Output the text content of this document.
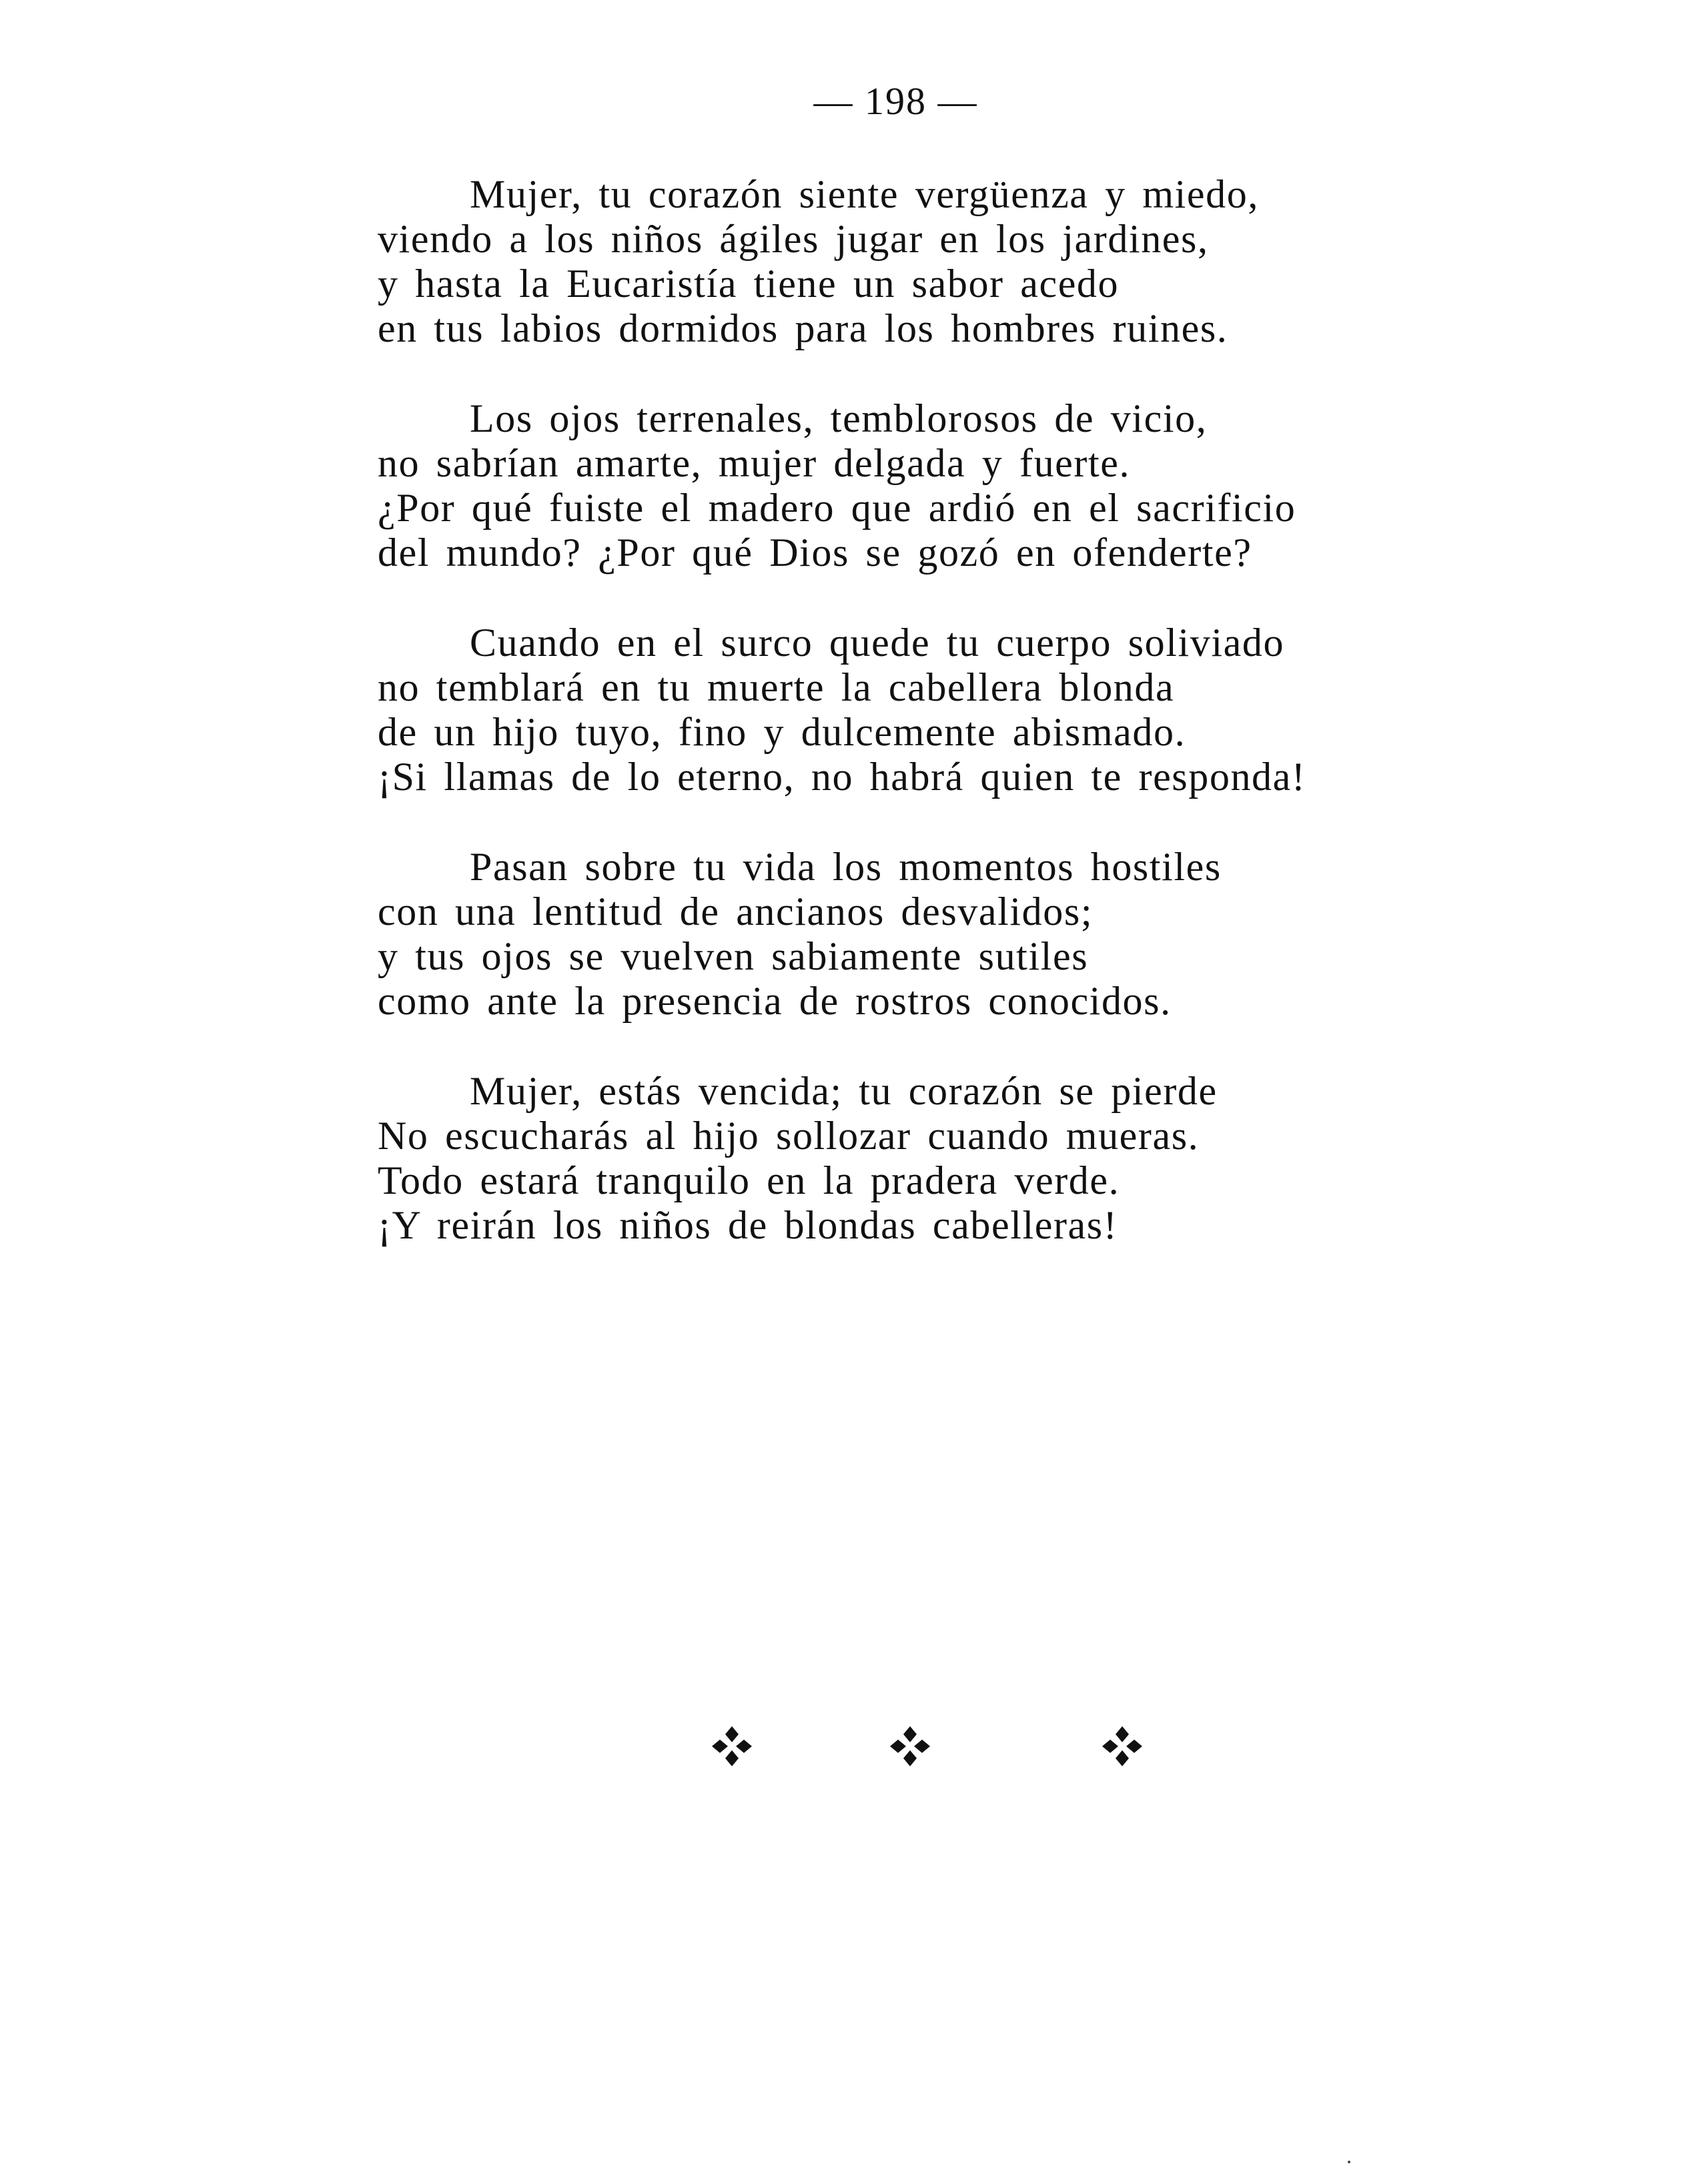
— 198 —
Mujer, tu corazón siente vergüenza y miedo,
viendo a los niños ágiles jugar en los jardines,
y hasta la Eucaristía tiene un sabor acedo
en tus labios dormidos para los hombres ruines.
Los ojos terrenales, temblorosos de vicio,
no sabrían amarte, mujer delgada y fuerte.
¿Por qué fuiste el madero que ardió en el sacrificio
del mundo? ¿Por qué Dios se gozó en ofenderte?
Cuando en el surco quede tu cuerpo soliviado
no temblará en tu muerte la cabellera blonda
de un hijo tuyo, fino y dulcemente abismado.
¡Si llamas de lo eterno, no habrá quien te responda!
Pasan sobre tu vida los momentos hostiles
con una lentitud de ancianos desvalidos;
y tus ojos se vuelven sabiamente sutiles
como ante la presencia de rostros conocidos.
Mujer, estás vencida; tu corazón se pierde
No escucharás al hijo sollozar cuando mueras.
Todo estará tranquilo en la pradera verde.
¡Y reirán los niños de blondas cabelleras!
